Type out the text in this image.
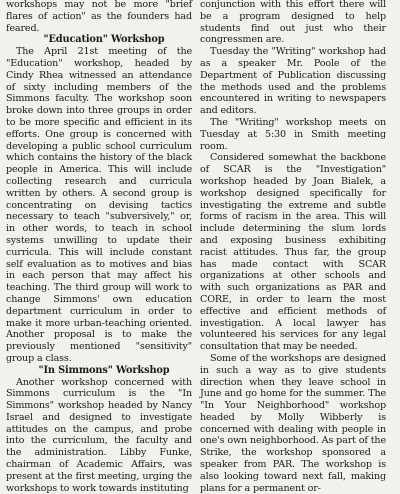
workshops may not be more "brief flares of action" as the founders had feared.

"Education" Workshop

The April 21st meeting of the "Education" workshop, headed by Cindy Rhea witnessed an attendance of sixty including members of the Simmons faculty. The workshop soon broke down into three groups in order to be more specific and efficient in its efforts. One group is concerned with developing a public school curriculum which contains the history of the black people in America. This will include collecting research and curricula written by others. A second group is concentrating on devising tactics necessary to teach "subversively," or, in other words, to teach in school systems unwilling to update their curricula. This will include constant self evaluation as to motives and bias in each person that may affect his teaching. The third group will work to change Simmons' own education department curriculum in order to make it more urban-teaching oriented. Another proposal is to make the previously mentioned "sensitivity" group a class.

"In Simmons" Workshop

Another workshop concerned with Simmons curriculum is the "In Simmons" workshop headed by Nancy Israel and designed to investigate attitudes on the campus, and probe into the curriculum, the faculty and the administration. Libby Funke, chairman of Academic Affairs, was present at the first meeting, urging the workshops to work towards instituting

conjunction with this effort there will be a program designed to help students find out just who their congressmen are.

Tuesday the "Writing" workshop had as a speaker Mr. Poole of the Department of Publication discussing the methods used and the problems encountered in writing to newspapers and editors.

The "Writing" workshop meets on Tuesday at 5:30 in Smith meeting room.

Considered somewhat the backbone of SCAR is the "Investigation" workshop headed by Joan Bialek, a workshop designed specifically for investigating the extreme and subtle forms of racism in the area. This will include determining the slum lords and exposing business exhibiting racist attitudes. Thus far, the group has made contact with SCAR organizations at other schools and with such organizations as PAR and CORE, in order to learn the most effective and efficient methods of investigation. A local lawyer has volunteered his services for any legal consultation that may be needed.

Some of the workshops are designed in such a way as to give students direction when they leave school in June and go home for the summer. The "In Your Neighborhood" workshop headed by Molly Wibberly is concerned with dealing with people in one's own neighborhood. As part of the Strike, the workshop sponsored a speaker from PAR. The workshop is also looking toward next fall, making plans for a permanent or-
